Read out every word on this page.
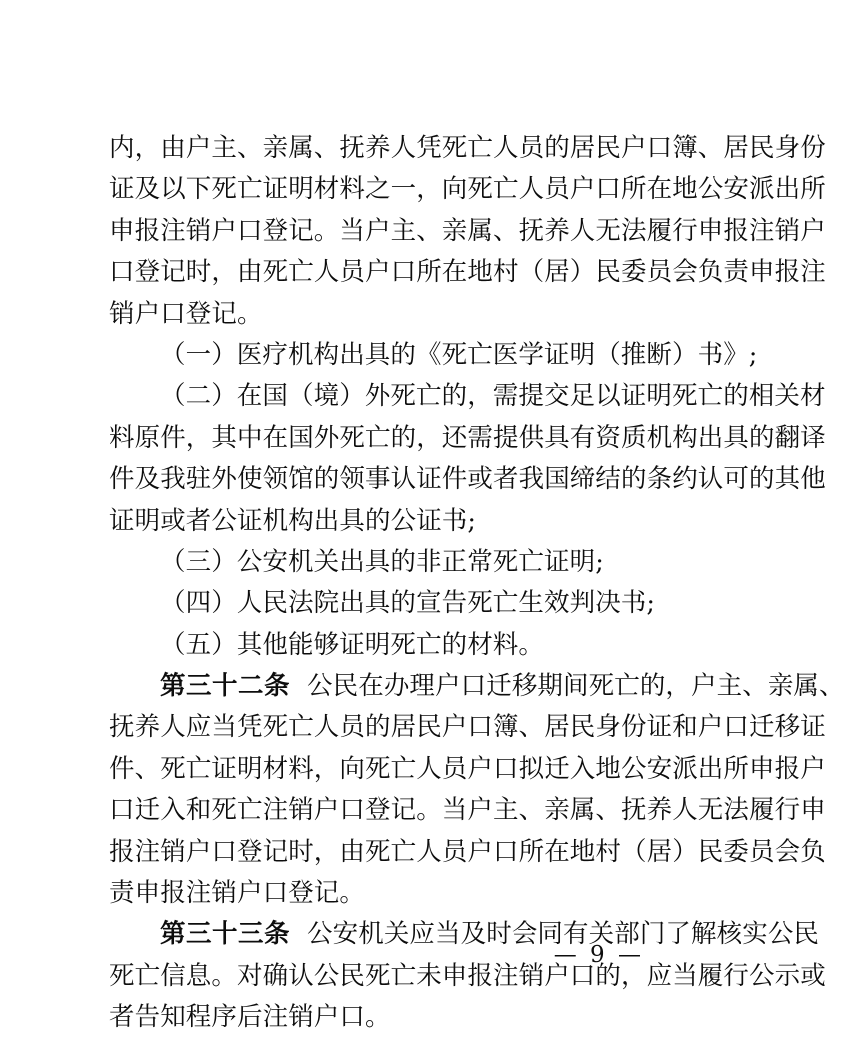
内，由户主、亲属、抚养人凭死亡人员的居民户口簿、居民身份
证及以下死亡证明材料之一，向死亡人员户口所在地公安派出所
申报注销户口登记。当户主、亲属、抚养人无法履行申报注销户
口登记时，由死亡人员户口所在地村（居）民委员会负责申报注
销户口登记。
（一）医疗机构出具的《死亡医学证明（推断）书》;
（二）在国（境）外死亡的，需提交足以证明死亡的相关材
料原件，其中在国外死亡的，还需提供具有资质机构出具的翻译
件及我驻外使领馆的领事认证件或者我国缔结的条约认可的其他
证明或者公证机构出具的公证书;
（三）公安机关出具的非正常死亡证明;
（四）人民法院出具的宣告死亡生效判决书;
（五）其他能够证明死亡的材料。
第三十二条 公民在办理户口迁移期间死亡的，户主、亲属、
抚养人应当凭死亡人员的居民户口簿、居民身份证和户口迁移证
件、死亡证明材料，向死亡人员户口拟迁入地公安派出所申报户
口迁入和死亡注销户口登记。当户主、亲属、抚养人无法履行申
报注销户口登记时，由死亡人员户口所在地村（居）民委员会负
责申报注销户口登记。
第三十三条 公安机关应当及时会同有关部门了解核实公民
死亡信息。对确认公民死亡未申报注销户口的，应当履行公示或
者告知程序后注销户口。
— 9 —
